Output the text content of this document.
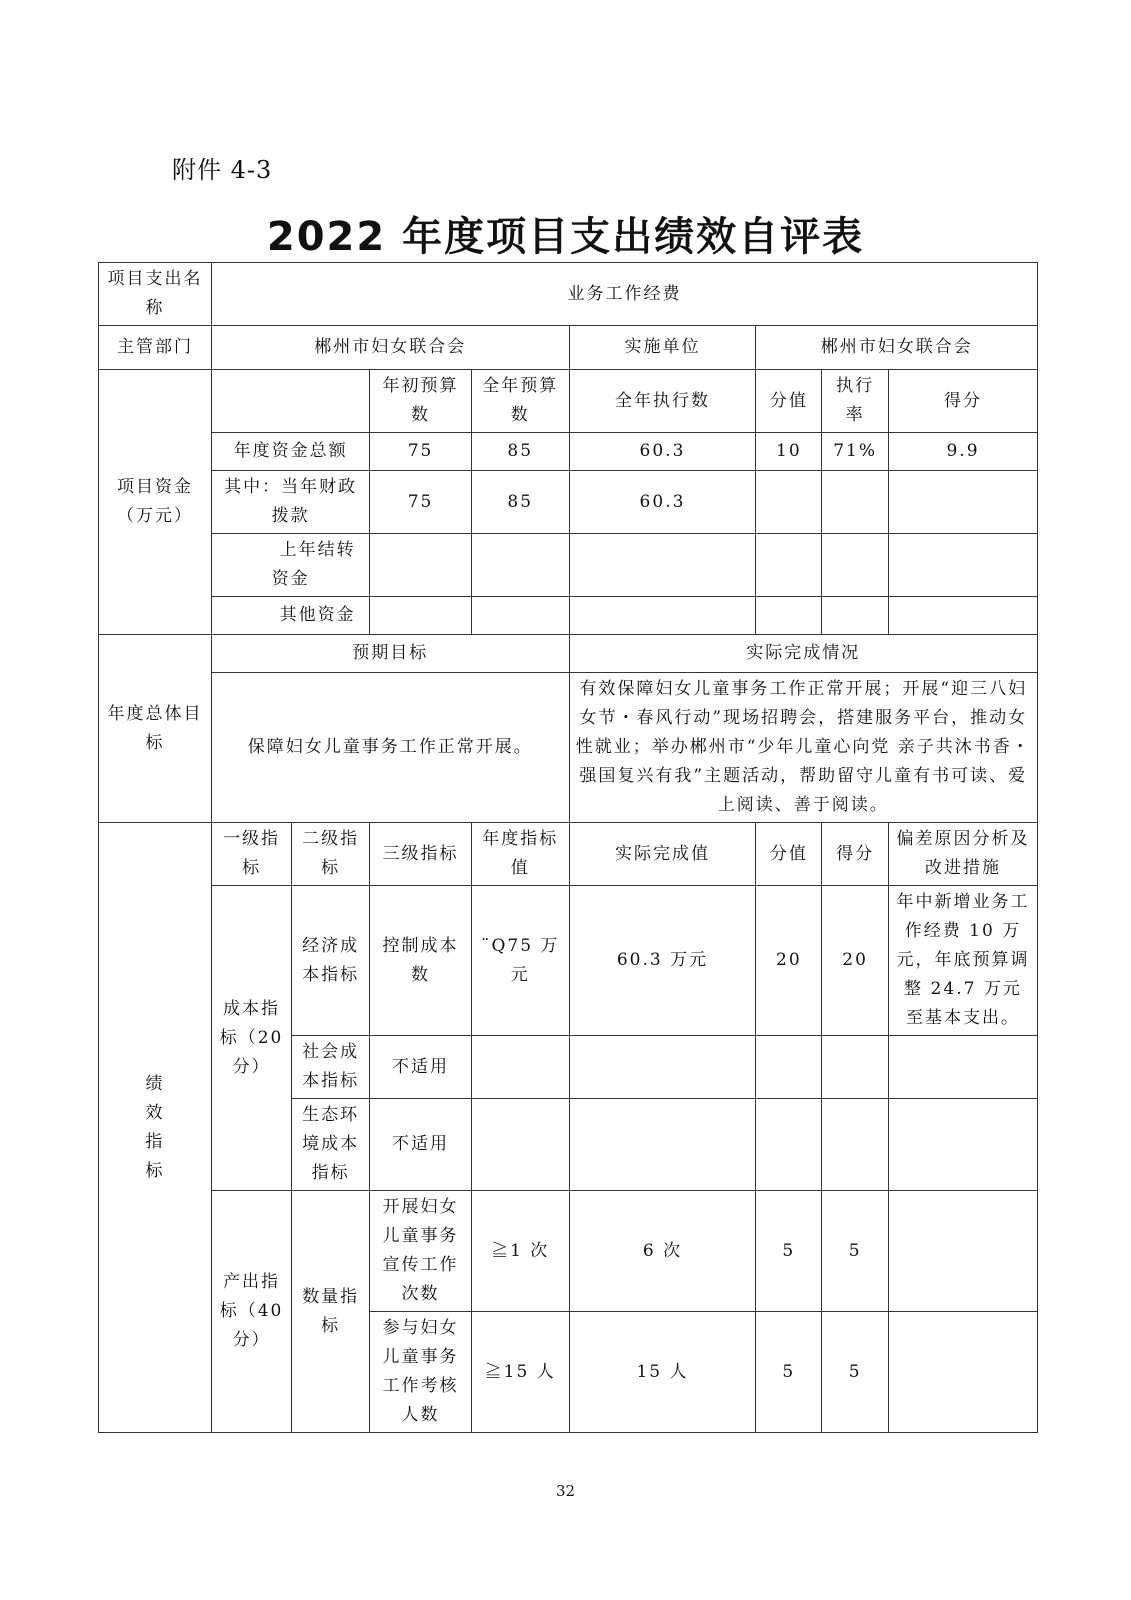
附件 4-3
2022 年度项目支出绩效自评表
项目支出名称	业务工作经费							
主管部门	郴州市妇女联合会				实施单位	郴州市妇女联合会		
项目资金（万元）			年初预算数	全年预算数	全年执行数	分值	执行率	得分
	年度资金总额		75	85	60.3	10	71%	9.9
	其中：当年财政拨款		75	85	60.3			
	上年结转资金							
	其他资金							
年度总体目标	预期目标				实际完成情况			
	保障妇女儿童事务工作正常开展。				有效保障妇女儿童事务工作正常开展；开展“迎三八妇女节・春风行动”现场招聘会，搭建服务平台，推动女性就业；举办郴州市“少年儿童心向党 亲子共沐书香・强国复兴有我”主题活动，帮助留守儿童有书可读、爱上阅读、善于阅读。			
绩效指标	一级指标	二级指标	三级指标	年度指标值	实际完成值	分值	得分	偏差原因分析及改进措施
	成本指标（20分）	经济成本指标	控制成本数	¨Q75 万元	60.3 万元	20	20	年中新增业务工作经费 10 万元，年底预算调整 24.7 万元至基本支出。
		社会成本指标	不适用					
		生态环境成本指标	不适用					
	产出指标（40分）	数量指标	开展妇女儿童事务宣传工作次数	≧1 次	6 次	5	5	
			参与妇女儿童事务工作考核人数	≧15 人	15 人	5	5	
32
